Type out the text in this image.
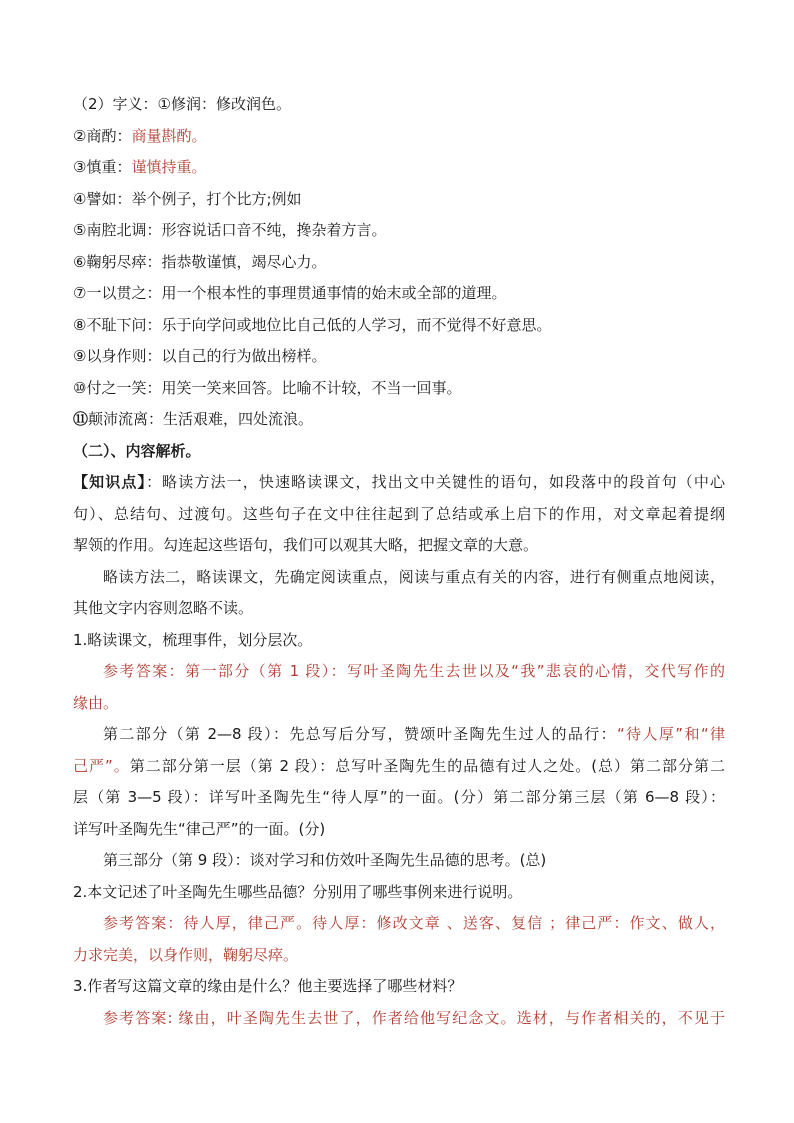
（2）字义：①修润：修改润色。
②商酌：商量斟酌。
③慎重：谨慎持重。
④譬如：举个例子，打个比方;例如
⑤南腔北调：形容说话口音不纯，搀杂着方言。
⑥鞠躬尽瘁：指恭敬谨慎，竭尽心力。
⑦一以贯之：用一个根本性的事理贯通事情的始末或全部的道理。
⑧不耻下问：乐于向学问或地位比自己低的人学习，而不觉得不好意思。
⑨以身作则：以自己的行为做出榜样。
⑩付之一笑：用笑一笑来回答。比喻不计较，不当一回事。
⑪颠沛流离：生活艰难，四处流浪。
（二）、内容解析。
【知识点】：略读方法一，快速略读课文，找出文中关键性的语句，如段落中的段首句（中心
句）、总结句、过渡句。这些句子在文中往往起到了总结或承上启下的作用，对文章起着提纲
挈领的作用。勾连起这些语句，我们可以观其大略，把握文章的大意。
略读方法二，略读课文，先确定阅读重点，阅读与重点有关的内容，进行有侧重点地阅读，
其他文字内容则忽略不读。
1.略读课文，梳理事件，划分层次。
参考答案：第一部分（第 1 段）：写叶圣陶先生去世以及“我”悲哀的心情，交代写作的
缘由。
第二部分（第 2—8 段）：先总写后分写，赞颂叶圣陶先生过人的品行：“待人厚”和“律
己严”。第二部分第一层（第 2 段）：总写叶圣陶先生的品德有过人之处。(总）第二部分第二
层（第 3—5 段）：详写叶圣陶先生“待人厚”的一面。(分）第二部分第三层（第 6—8 段）：
详写叶圣陶先生“律己严”的一面。(分)
第三部分（第 9 段）：谈对学习和仿效叶圣陶先生品德的思考。(总)
2.本文记述了叶圣陶先生哪些品德？分别用了哪些事例来进行说明。
参考答案：待人厚，律己严。待人厚：修改文章 、送客、复信 ；律己严：作文、做人，
力求完美，以身作则，鞠躬尽瘁。
3.作者写这篇文章的缘由是什么？他主要选择了哪些材料？
参考答案: 缘由，叶圣陶先生去世了，作者给他写纪念文。选材，与作者相关的，不见于
